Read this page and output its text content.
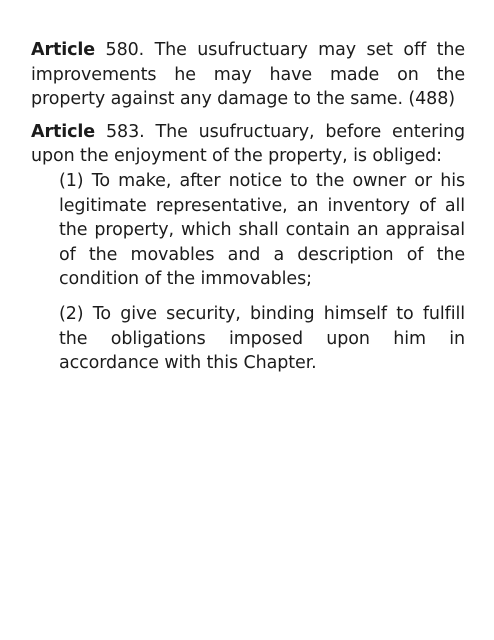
Article 580. The usufructuary may set off the improvements he may have made on the property against any damage to the same. (488)

Article 583. The usufructuary, before entering upon the enjoyment of the property, is obliged:

(1) To make, after notice to the owner or his legitimate representative, an inventory of all the property, which shall contain an appraisal of the movables and a description of the condition of the immovables;
(2) To give security, binding himself to fulfill the obligations imposed upon him in accordance with this Chapter.
